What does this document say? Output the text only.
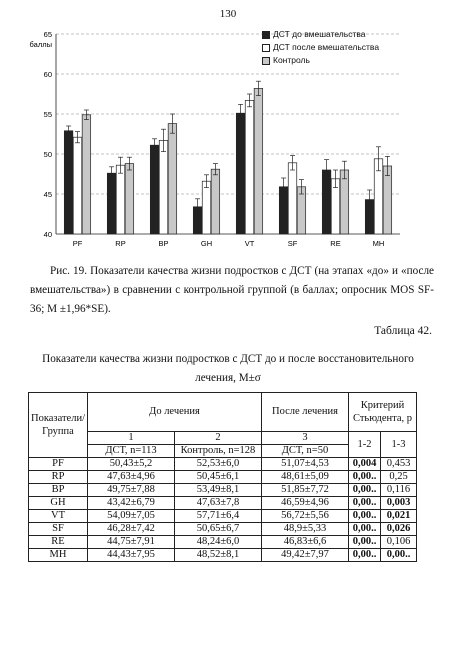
130
40
45
50
55
60
65
баллы
PF	RP	BP	GH	VT	SF	RE	MH
ДСТ до вмешательства
ДСТ после вмешательства
Контроль
Рис. 19. Показатели качества жизни подростков с ДСТ (на этапах «до» и «после вмешательства») в сравнении с контрольной группой (в баллах; опросник MOS SF-36; M ±1,96*SE).
Таблица 42.
Показатели качества жизни подростков с ДСТ до и после восстановительного
лечения, M±σ
Показатели/ Группа	До лечения		После лечения	Критерий Стьюдента, p	
	1	2	3	1-2	1-3
	ДСТ, n=113	Контроль, n=128	ДСТ, n=50		
PF	50,43±5,2	52,53±6,0	51,07±4,53	0,004	0,453
RP	47,63±4,96	50,45±6,1	48,61±5,09	0,00..	0,25
BP	49,75±7,88	53,49±8,1	51,85±7,72	0,00..	0,116
GH	43,42±6,79	47,63±7,8	46,59±4,96	0,00..	0,003
VT	54,09±7,05	57,71±6,4	56,72±5,56	0,00..	0,021
SF	46,28±7,42	50,65±6,7	48,9±5,33	0,00..	0,026
RE	44,75±7,91	48,24±6,0	46,83±6,6	0,00..	0,106
MH	44,43±7,95	48,52±8,1	49,42±7,97	0,00..	0,00..
